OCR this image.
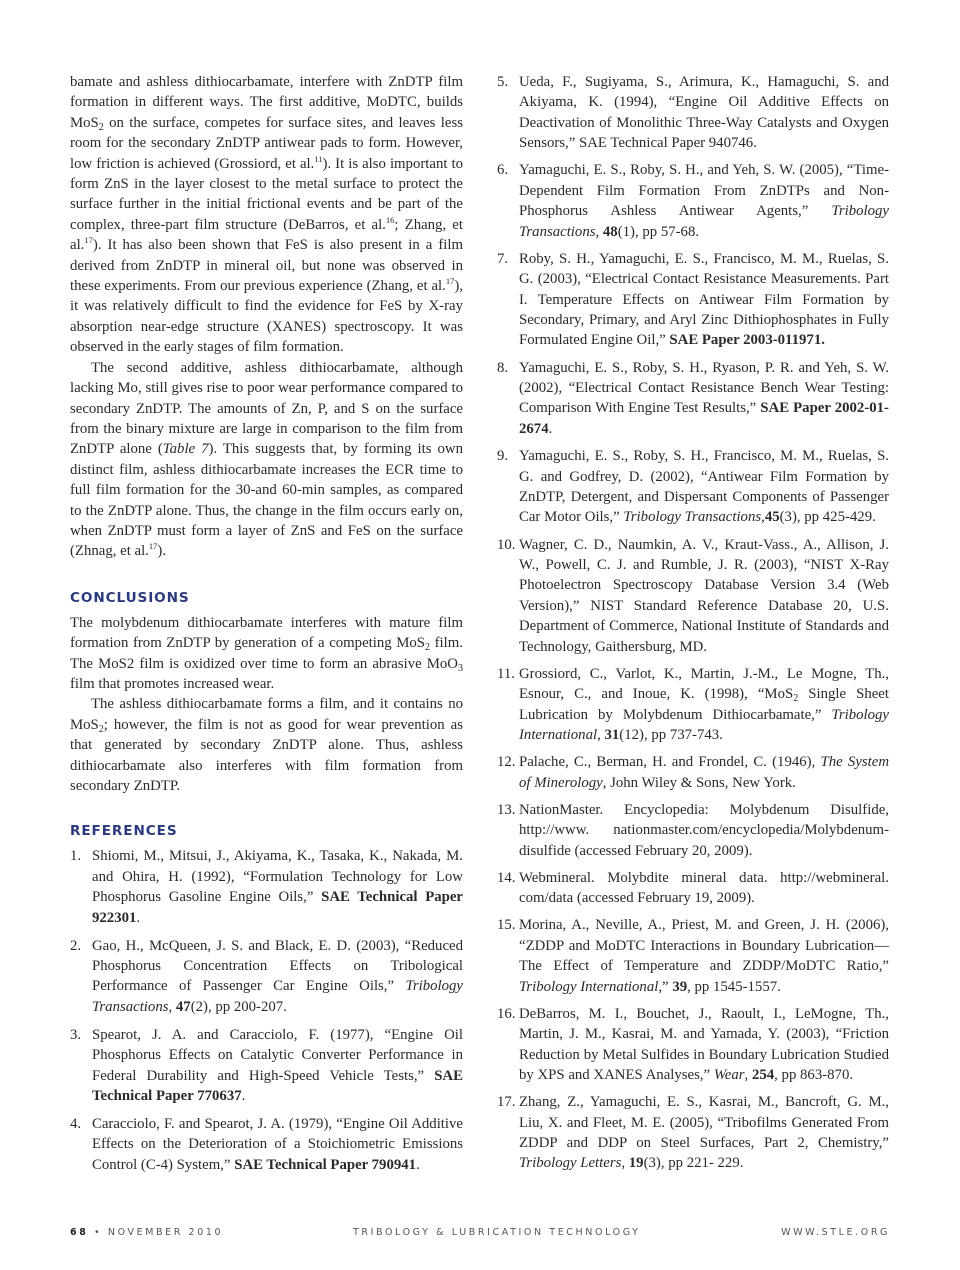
bamate and ashless dithiocarbamate, interfere with ZnDTP film formation in different ways. The first additive, MoDTC, builds MoS$_2$ on the surface, competes for surface sites, and leaves less room for the secondary ZnDTP antiwear pads to form. However, low friction is achieved (Grossiord, et al.$^{11}$). It is also important to form ZnS in the layer closest to the metal surface to protect the surface further in the initial frictional events and be part of the complex, three-part film structure (DeBarros, et al.$^{16}$; Zhang, et al.$^{17}$). It has also been shown that FeS is also present in a film derived from ZnDTP in mineral oil, but none was observed in these experiments. From our previous experience (Zhang, et al.$^{17}$), it was relatively difficult to find the evidence for FeS by X-ray absorption near-edge structure (XANES) spectroscopy. It was observed in the early stages of film formation.

The second additive, ashless dithiocarbamate, although lacking Mo, still gives rise to poor wear performance compared to secondary ZnDTP. The amounts of Zn, P, and S on the surface from the binary mixture are large in comparison to the film from ZnDTP alone (Table 7). This suggests that, by forming its own distinct film, ashless dithiocarbamate increases the ECR time to full film formation for the 30-and 60-min samples, as compared to the ZnDTP alone. Thus, the change in the film occurs early on, when ZnDTP must form a layer of ZnS and FeS on the surface (Zhnag, et al.$^{17}$).

CONCLUSIONS

The molybdenum dithiocarbamate interferes with mature film formation from ZnDTP by generation of a competing MoS$_2$ film. The MoS2 film is oxidized over time to form an abrasive MoO$_3$ film that promotes increased wear.

The ashless dithiocarbamate forms a film, and it contains no MoS$_2$; however, the film is not as good for wear prevention as that generated by secondary ZnDTP alone. Thus, ashless dithiocarbamate also interferes with film formation from secondary ZnDTP.

REFERENCES
1. Shiomi, M., Mitsui, J., Akiyama, K., Tasaka, K., Nakada, M. and Ohira, H. (1992), “Formulation Technology for Low Phosphorus Gasoline Engine Oils,” SAE Technical Paper 922301.
2. Gao, H., McQueen, J. S. and Black, E. D. (2003), “Reduced Phosphorus Concentration Effects on Tribological Performance of Passenger Car Engine Oils,” Tribology Transactions, 47(2), pp 200-207.
3. Spearot, J. A. and Caracciolo, F. (1977), “Engine Oil Phosphorus Effects on Catalytic Converter Performance in Federal Durability and High-Speed Vehicle Tests,” SAE Technical Paper 770637.
4. Caracciolo, F. and Spearot, J. A. (1979), “Engine Oil Additive Effects on the Deterioration of a Stoichiometric Emissions Control (C-4) System,” SAE Technical Paper 790941.
5. Ueda, F., Sugiyama, S., Arimura, K., Hamaguchi, S. and Akiyama, K. (1994), “Engine Oil Additive Effects on Deactivation of Monolithic Three-Way Catalysts and Oxygen Sensors,” SAE Technical Paper 940746.
6. Yamaguchi, E. S., Roby, S. H., and Yeh, S. W. (2005), “Time-Dependent Film Formation From ZnDTPs and Non-Phosphorus Ashless Antiwear Agents,” Tribology Transactions, 48(1), pp 57-68.
7. Roby, S. H., Yamaguchi, E. S., Francisco, M. M., Ruelas, S. G. (2003), “Electrical Contact Resistance Measurements. Part I. Temperature Effects on Antiwear Film Formation by Secondary, Primary, and Aryl Zinc Dithiophosphates in Fully Formulated Engine Oil,” SAE Paper 2003-011971.
8. Yamaguchi, E. S., Roby, S. H., Ryason, P. R. and Yeh, S. W. (2002), “Electrical Contact Resistance Bench Wear Testing: Comparison With Engine Test Results,” SAE Paper 2002-01-2674.
9. Yamaguchi, E. S., Roby, S. H., Francisco, M. M., Ruelas, S. G. and Godfrey, D. (2002), “Antiwear Film Formation by ZnDTP, Detergent, and Dispersant Components of Passenger Car Motor Oils,” Tribology Transactions,45(3), pp 425-429.
10. Wagner, C. D., Naumkin, A. V., Kraut-Vass., A., Allison, J. W., Powell, C. J. and Rumble, J. R. (2003), “NIST X-Ray Photoelectron Spectroscopy Database Version 3.4 (Web Version),” NIST Standard Reference Database 20, U.S. Department of Commerce, National Institute of Standards and Technology, Gaithersburg, MD.
11. Grossiord, C., Varlot, K., Martin, J.-M., Le Mogne, Th., Esnour, C., and Inoue, K. (1998), “MoS$_2$ Single Sheet Lubrication by Molybdenum Dithiocarbamate,” Tribology International, 31(12), pp 737-743.
12. Palache, C., Berman, H. and Frondel, C. (1946), The System of Minerology, John Wiley & Sons, New York.
13. NationMaster. Encyclopedia: Molybdenum Disulfide, http://www. nationmaster.com/encyclopedia/Molybdenum-disulfide (accessed February 20, 2009).
14. Webmineral. Molybdite mineral data. http://webmineral. com/data (accessed February 19, 2009).
15. Morina, A., Neville, A., Priest, M. and Green, J. H. (2006), “ZDDP and MoDTC Interactions in Boundary Lubrication—The Effect of Temperature and ZDDP/MoDTC Ratio,” Tribology International,” 39, pp 1545-1557.
16. DeBarros, M. I., Bouchet, J., Raoult, I., LeMogne, Th., Martin, J. M., Kasrai, M. and Yamada, Y. (2003), “Friction Reduction by Metal Sulfides in Boundary Lubrication Studied by XPS and XANES Analyses,” Wear, 254, pp 863-870.
17. Zhang, Z., Yamaguchi, E. S., Kasrai, M., Bancroft, G. M., Liu, X. and Fleet, M. E. (2005), “Tribofilms Generated From ZDDP and DDP on Steel Surfaces, Part 2, Chemistry,” Tribology Letters, 19(3), pp 221- 229.
68 • NOVEMBER 2010	TRIBOLOGY & LUBRICATION TECHNOLOGY	WWW.STLE.ORG
